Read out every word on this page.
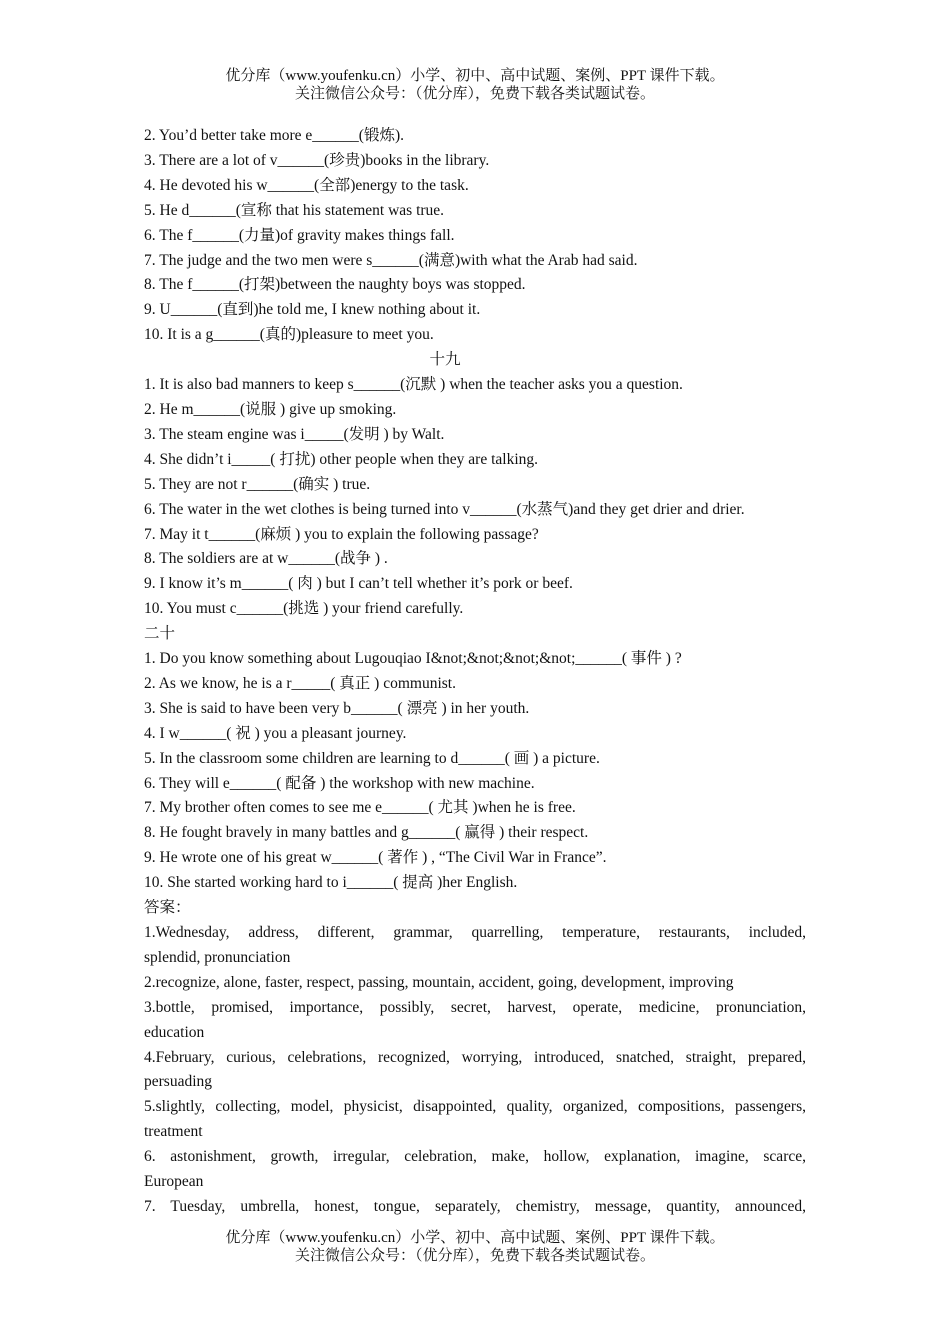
优分库（www.youfenku.cn）小学、初中、高中试题、案例、PPT 课件下载。
关注微信公众号：（优分库），免费下载各类试题试卷。
2. You’d better take more e______(锻炼).
3. There are a lot of v______(珍贵)books in the library.
4. He devoted his w______(全部)energy to the task.
5. He d______(宣称 that his statement was true.
6. The f______(力量)of gravity makes things fall.
7. The judge and the two men were s______(满意)with what the Arab had said.
8. The f______(打架)between the naughty boys was stopped.
9. U______(直到)he told me, I knew nothing about it.
10. It is a g______(真的)pleasure to meet you.
十九
1. It is also bad manners to keep s______(沉默 ) when the teacher asks you a question.
2. He m______(说服 ) give up smoking.
3. The steam engine was i_____(发明 ) by Walt.
4. She didn’t i_____( 打扰) other people when they are talking.
5. They are not r______(确实 ) true.
6. The water in the wet clothes is being turned into v______(水蒸气)and they get drier and drier.
7. May it t______(麻烦 ) you to explain the following passage?
8. The soldiers are at w______(战争 ) .
9. I know it’s m______( 肉 ) but I can’t tell whether it’s pork or beef.
10. You must c______(挑选 ) your friend carefully.
二十
1. Do you know something about Lugouqiao I&not;&not;&not;&not;______( 事件 ) ?
2. As we know, he is a r_____( 真正 ) communist.
3. She is said to have been very b______( 漂亮 ) in her youth.
4. I w______( 祝 ) you a pleasant journey.
5. In the classroom some children are learning to d______( 画 ) a picture.
6. They will e______( 配备 ) the workshop with new machine.
7. My brother often comes to see me e______( 尤其 )when he is free.
8. He fought bravely in many battles and g______( 赢得 ) their respect.
9. He wrote one of his great w______( 著作 ) , “The Civil War in France”.
10. She started working hard to i______( 提高 )her English.
答案：
1.Wednesday, address, different, grammar, quarrelling, temperature, restaurants, included,
splendid, pronunciation
2.recognize, alone, faster, respect, passing, mountain, accident, going, development, improving
3.bottle, promised, importance, possibly, secret, harvest, operate, medicine, pronunciation,
education
4.February, curious, celebrations, recognized, worrying, introduced, snatched, straight, prepared,
persuading
5.slightly, collecting, model, physicist, disappointed, quality, organized, compositions, passengers,
treatment
6. astonishment, growth, irregular, celebration, make, hollow, explanation, imagine, scarce,
European
7. Tuesday, umbrella, honest, tongue, separately, chemistry, message, quantity, announced,
优分库（www.youfenku.cn）小学、初中、高中试题、案例、PPT 课件下载。
关注微信公众号：（优分库），免费下载各类试题试卷。
